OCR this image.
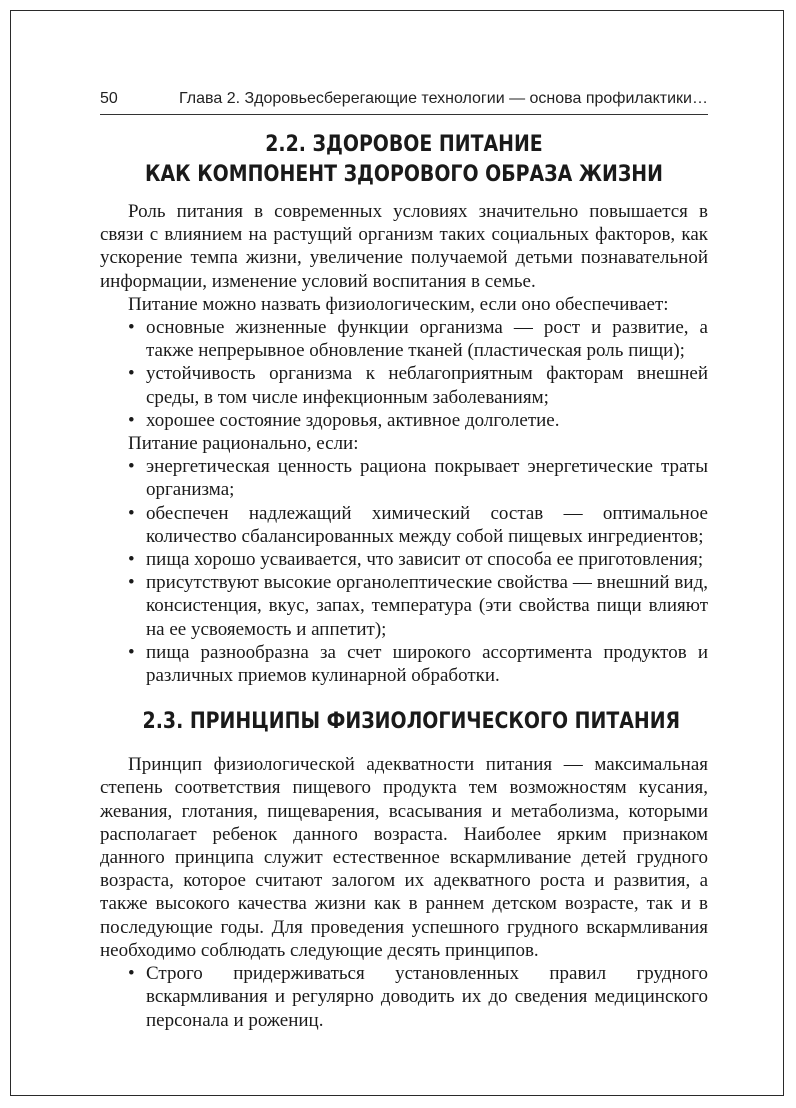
50	Глава 2. Здоровьесберегающие технологии — основа профилактики…
2.2. ЗДОРОВОЕ ПИТАНИЕ
КАК КОМПОНЕНТ ЗДОРОВОГО ОБРАЗА ЖИЗНИ

Роль питания в современных условиях значительно повышается в связи с влиянием на растущий организм таких социальных факторов, как ускорение темпа жизни, увеличение получаемой детьми познавательной информации, изменение условий воспитания в семье.

Питание можно назвать физиологическим, если оно обеспечивает:

• основные жизненные функции организма — рост и развитие, а также непрерывное обновление тканей (пластическая роль пищи);
• устойчивость организма к неблагоприятным факторам внешней среды, в том числе инфекционным заболеваниям;
• хорошее состояние здоровья, активное долголетие.

Питание рационально, если:

• энергетическая ценность рациона покрывает энергетические траты организма;
• обеспечен надлежащий химический состав — оптимальное количество сбалансированных между собой пищевых ингредиентов;
• пища хорошо усваивается, что зависит от способа ее приготовления;
• присутствуют высокие органолептические свойства — внешний вид, консистенция, вкус, запах, температура (эти свойства пищи влияют на ее усвояемость и аппетит);
• пища разнообразна за счет широкого ассортимента продуктов и различных приемов кулинарной обработки.
2.3. ПРИНЦИПЫ ФИЗИОЛОГИЧЕСКОГО ПИТАНИЯ

Принцип физиологической адекватности питания — максимальная степень соответствия пищевого продукта тем возможностям кусания, жевания, глотания, пищеварения, всасывания и метаболизма, которыми располагает ребенок данного возраста. Наиболее ярким признаком данного принципа служит естественное вскармливание детей грудного возраста, которое считают залогом их адекватного роста и развития, а также высокого качества жизни как в раннем детском возрасте, так и в последующие годы. Для проведения успешного грудного вскармливания необходимо соблюдать следующие десять принципов.

• Строго придерживаться установленных правил грудного вскармливания и регулярно доводить их до сведения медицинского персонала и рожениц.
